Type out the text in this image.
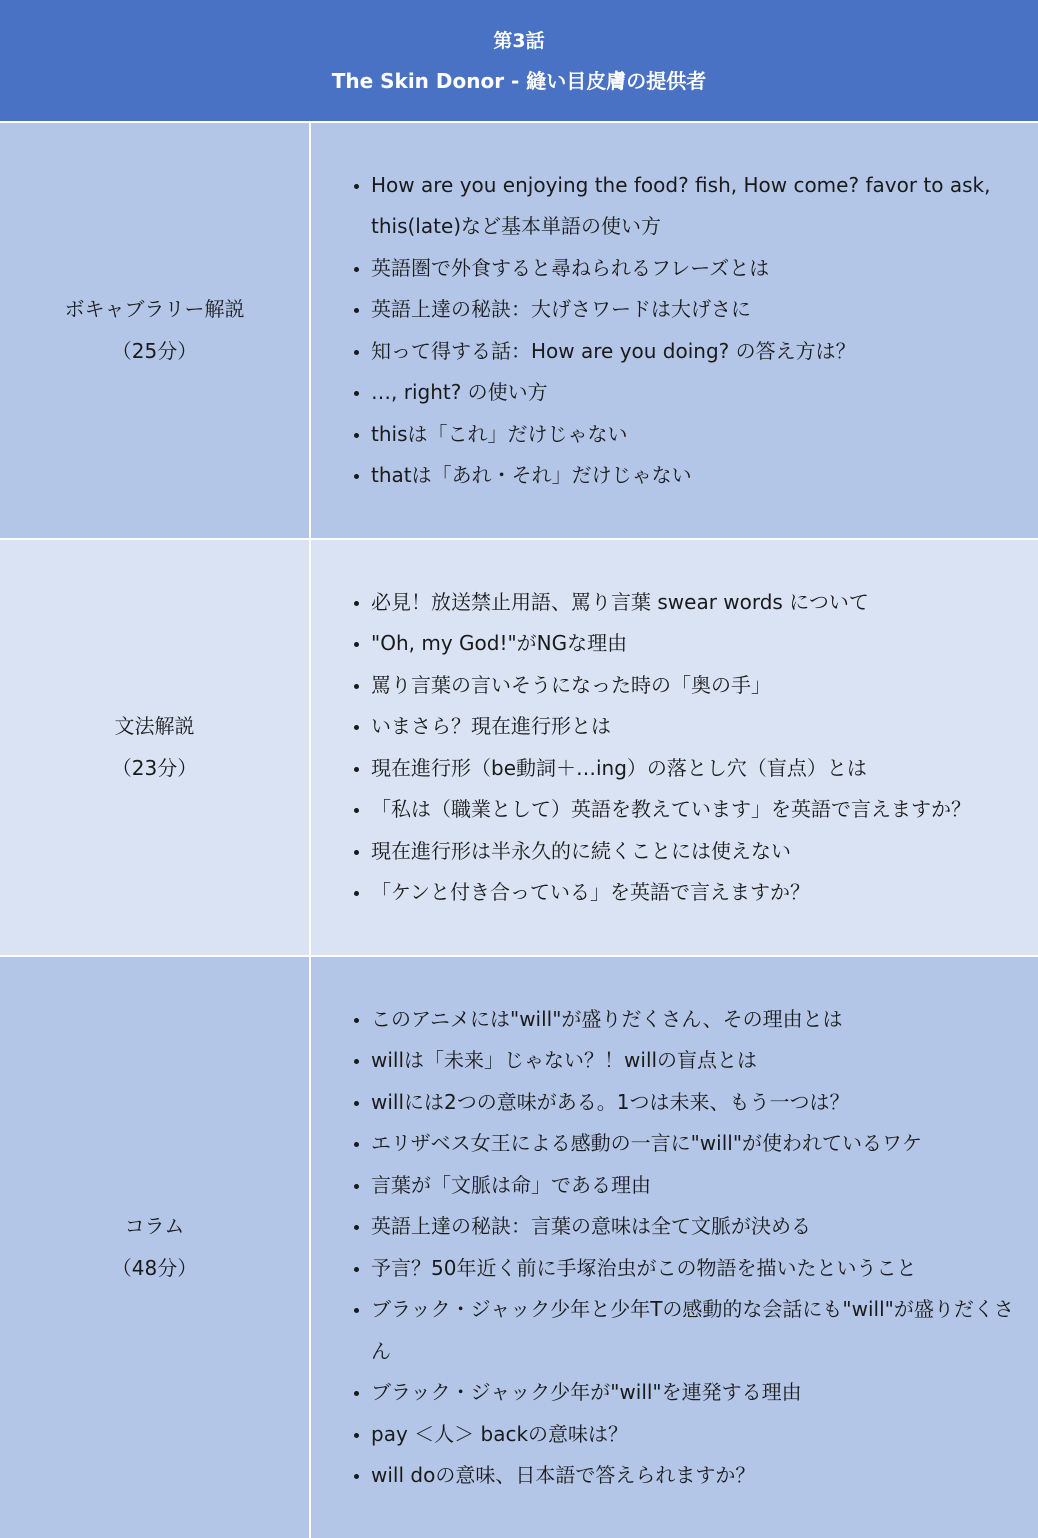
第3話
The Skin Donor - 縫い目皮膚の提供者
ボキャブラリー解説
（25分）
• How are you enjoying the food? fish, How come? favor to ask, this(late)など基本単語の使い方
• 英語圏で外食すると尋ねられるフレーズとは
• 英語上達の秘訣：大げさワードは大げさに
• 知って得する話：How are you doing? の答え方は？
• …, right? の使い方
• thisは「これ」だけじゃない
• thatは「あれ・それ」だけじゃない
文法解説
（23分）
• 必見！放送禁止用語、罵り言葉 swear words について
• "Oh, my God!"がNGな理由
• 罵り言葉の言いそうになった時の「奥の手」
• いまさら？現在進行形とは
• 現在進行形（be動詞＋…ing）の落とし穴（盲点）とは
• 「私は（職業として）英語を教えています」を英語で言えますか？
• 現在進行形は半永久的に続くことには使えない
• 「ケンと付き合っている」を英語で言えますか？
コラム
（48分）
• このアニメには"will"が盛りだくさん、その理由とは
• willは「未来」じゃない？！willの盲点とは
• willには2つの意味がある。1つは未来、もう一つは？
• エリザベス女王による感動の一言に"will"が使われているワケ
• 言葉が「文脈は命」である理由
• 英語上達の秘訣：言葉の意味は全て文脈が決める
• 予言？50年近く前に手塚治虫がこの物語を描いたということ
• ブラック・ジャック少年と少年Tの感動的な会話にも"will"が盛りだくさん
• ブラック・ジャック少年が"will"を連発する理由
• pay ＜人＞ backの意味は？
• will doの意味、日本語で答えられますか？
